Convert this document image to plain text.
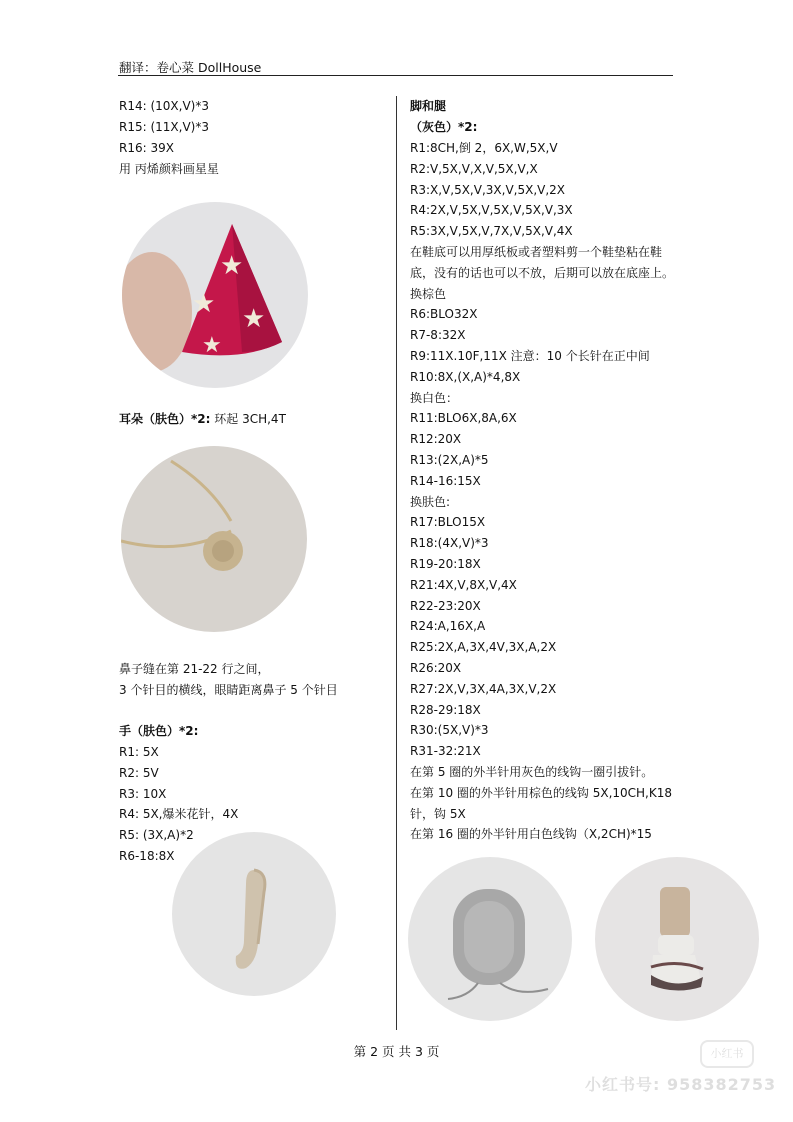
翻译：卷心菜 DollHouse
R14: (10X,V)*3
R15: (11X,V)*3
R16: 39X
用 丙烯颜料画星星
★
★ ★
★
耳朵（肤色）*2: 环起 3CH,4T
鼻子缝在第 21-22 行之间，
3 个针目的横线，眼睛距离鼻子 5 个针目
手（肤色）*2:
R1: 5X
R2: 5V
R3: 10X
R4: 5X,爆米花针，4X
R5: (3X,A)*2
R6-18:8X
脚和腿
（灰色）*2:
R1:8CH,倒 2，6X,W,5X,V
R2:V,5X,V,X,V,5X,V,X
R3:X,V,5X,V,3X,V,5X,V,2X
R4:2X,V,5X,V,5X,V,5X,V,3X
R5:3X,V,5X,V,7X,V,5X,V,4X
在鞋底可以用厚纸板或者塑料剪一个鞋垫粘在鞋
底，没有的话也可以不放，后期可以放在底座上。
换棕色
R6:BLO32X
R7-8:32X
R9:11X.10F,11X 注意：10 个长针在正中间
R10:8X,(X,A)*4,8X
换白色：
R11:BLO6X,8A,6X
R12:20X
R13:(2X,A)*5
R14-16:15X
换肤色:
R17:BLO15X
R18:(4X,V)*3
R19-20:18X
R21:4X,V,8X,V,4X
R22-23:20X
R24:A,16X,A
R25:2X,A,3X,4V,3X,A,2X
R26:20X
R27:2X,V,3X,4A,3X,V,2X
R28-29:18X
R30:(5X,V)*3
R31-32:21X
在第 5 圈的外半针用灰色的线钩一圈引拔针。
在第 10 圈的外半针用棕色的线钩 5X,10CH,K18
针，钩 5X
在第 16 圈的外半针用白色线钩（X,2CH)*15
第 2 页 共 3 页	小红书
小红书号: 958382753
